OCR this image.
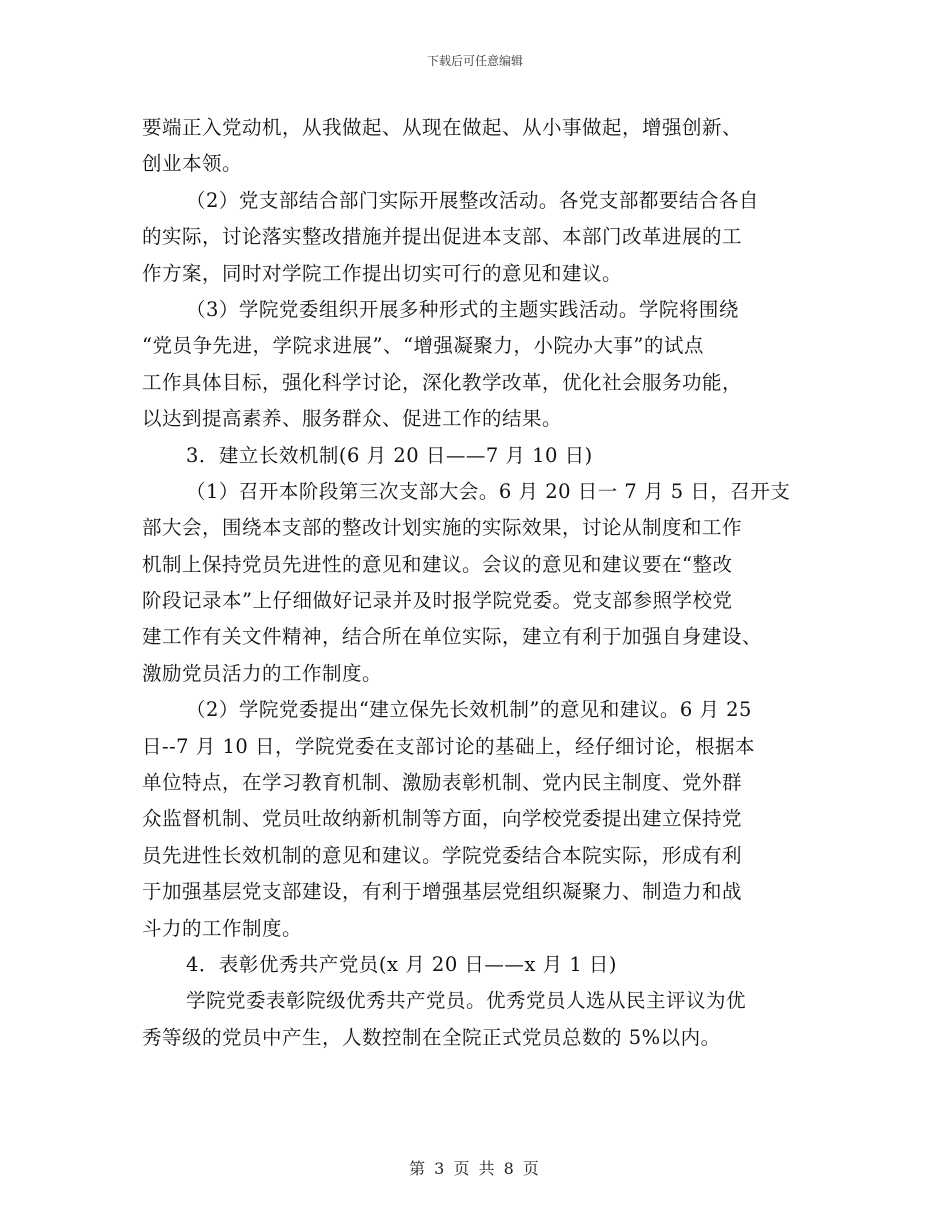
下载后可任意编辑
要端正入党动机，从我做起、从现在做起、从小事做起，增强创新、
创业本领。
（2）党支部结合部门实际开展整改活动。各党支部都要结合各自
的实际，讨论落实整改措施并提出促进本支部、本部门改革进展的工
作方案，同时对学院工作提出切实可行的意见和建议。
（3）学院党委组织开展多种形式的主题实践活动。学院将围绕
“党员争先进，学院求进展”、“增强凝聚力，小院办大事”的试点
工作具体目标，强化科学讨论，深化教学改革，优化社会服务功能，
以达到提高素养、服务群众、促进工作的结果。
3．建立长效机制(6 月 20 日——7 月 10 日)
（1）召开本阶段第三次支部大会。6 月 20 日一 7 月 5 日，召开支
部大会，围绕本支部的整改计划实施的实际效果，讨论从制度和工作
机制上保持党员先进性的意见和建议。会议的意见和建议要在“整改
阶段记录本”上仔细做好记录并及时报学院党委。党支部参照学校党
建工作有关文件精神，结合所在单位实际，建立有利于加强自身建设、
激励党员活力的工作制度。
（2）学院党委提出“建立保先长效机制”的意见和建议。6 月 25
日--7 月 10 日，学院党委在支部讨论的基础上，经仔细讨论，根据本
单位特点，在学习教育机制、激励表彰机制、党内民主制度、党外群
众监督机制、党员吐故纳新机制等方面，向学校党委提出建立保持党
员先进性长效机制的意见和建议。学院党委结合本院实际，形成有利
于加强基层党支部建设，有利于增强基层党组织凝聚力、制造力和战
斗力的工作制度。
4．表彰优秀共产党员(x 月 20 日——x 月 1 日)
学院党委表彰院级优秀共产党员。优秀党员人选从民主评议为优
秀等级的党员中产生，人数控制在全院正式党员总数的 5%以内。
第 3 页 共 8 页
